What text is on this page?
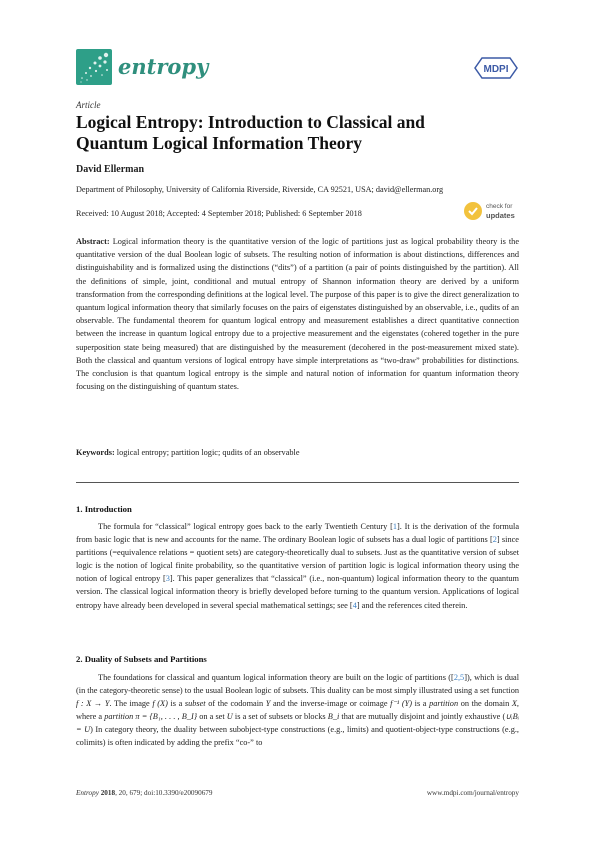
entropy	MDPI
Article
Logical Entropy: Introduction to Classical and Quantum Logical Information Theory
David Ellerman
Department of Philosophy, University of California Riverside, Riverside, CA 92521, USA; david@ellerman.org
Received: 10 August 2018; Accepted: 4 September 2018; Published: 6 September 2018
check for
updates
Abstract: Logical information theory is the quantitative version of the logic of partitions just as logical probability theory is the quantitative version of the dual Boolean logic of subsets. The resulting notion of information is about distinctions, differences and distinguishability and is formalized using the distinctions (“dits”) of a partition (a pair of points distinguished by the partition). All the definitions of simple, joint, conditional and mutual entropy of Shannon information theory are derived by a uniform transformation from the corresponding definitions at the logical level. The purpose of this paper is to give the direct generalization to quantum logical information theory that similarly focuses on the pairs of eigenstates distinguished by an observable, i.e., qudits of an observable. The fundamental theorem for quantum logical entropy and measurement establishes a direct quantitative connection between the increase in quantum logical entropy due to a projective measurement and the eigenstates (cohered together in the pure superposition state being measured) that are distinguished by the measurement (decohered in the post-measurement mixed state). Both the classical and quantum versions of logical entropy have simple interpretations as “two-draw” probabilities for distinctions. The conclusion is that quantum logical entropy is the simple and natural notion of information for quantum information theory focusing on the distinguishing of quantum states.
Keywords: logical entropy; partition logic; qudits of an observable
1. Introduction
The formula for “classical” logical entropy goes back to the early Twentieth Century [1]. It is the derivation of the formula from basic logic that is new and accounts for the name. The ordinary Boolean logic of subsets has a dual logic of partitions [2] since partitions (=equivalence relations = quotient sets) are category-theoretically dual to subsets. Just as the quantitative version of subset logic is the notion of logical finite probability, so the quantitative version of partition logic is logical information theory using the notion of logical entropy [3]. This paper generalizes that “classical” (i.e., non-quantum) logical information theory to the quantum version. The classical logical information theory is briefly developed before turning to the quantum version. Applications of logical entropy have already been developed in several special mathematical settings; see [4] and the references cited therein.
2. Duality of Subsets and Partitions
The foundations for classical and quantum logical information theory are built on the logic of partitions ([2,5]), which is dual (in the category-theoretic sense) to the usual Boolean logic of subsets. This duality can be most simply illustrated using a set function f : X → Y. The image f (X) is a subset of the codomain Y and the inverse-image or coimage f⁻¹ (Y) is a partition on the domain X, where a partition π = {B₁, . . . , B_I} on a set U is a set of subsets or blocks B_i that are mutually disjoint and jointly exhaustive (∪ᵢBᵢ = U) In category theory, the duality between subobject-type constructions (e.g., limits) and quotient-object-type constructions (e.g., colimits) is often indicated by adding the prefix “co-” to
Entropy 2018, 20, 679; doi:10.3390/e20090679	www.mdpi.com/journal/entropy
